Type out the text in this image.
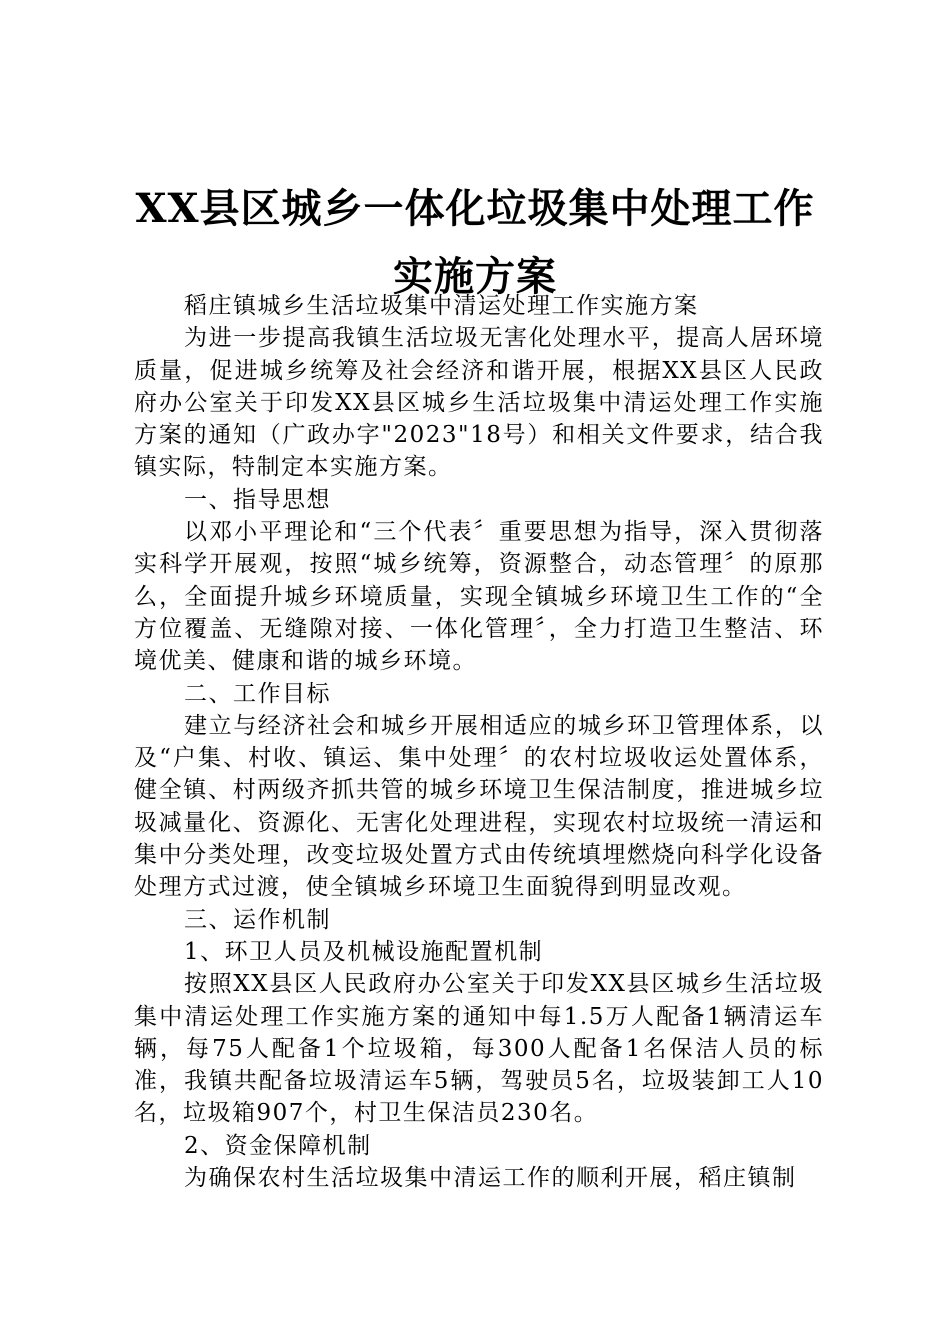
XX县区城乡一体化垃圾集中处理工作实施方案

稻庄镇城乡生活垃圾集中清运处理工作实施方案

为进一步提高我镇生活垃圾无害化处理水平，提高人居环境质量，促进城乡统筹及社会经济和谐开展，根据XX县区人民政府办公室关于印发XX县区城乡生活垃圾集中清运处理工作实施方案的通知（广政办字"2023"18号）和相关文件要求，结合我镇实际，特制定本实施方案。

一、指导思想

以邓小平理论和“三个代表〞重要思想为指导，深入贯彻落实科学开展观，按照“城乡统筹，资源整合，动态管理〞的原那么，全面提升城乡环境质量，实现全镇城乡环境卫生工作的“全方位覆盖、无缝隙对接、一体化管理〞，全力打造卫生整洁、环境优美、健康和谐的城乡环境。

二、工作目标

建立与经济社会和城乡开展相适应的城乡环卫管理体系，以及“户集、村收、镇运、集中处理〞的农村垃圾收运处置体系，健全镇、村两级齐抓共管的城乡环境卫生保洁制度，推进城乡垃圾减量化、资源化、无害化处理进程，实现农村垃圾统一清运和集中分类处理，改变垃圾处置方式由传统填埋燃烧向科学化设备处理方式过渡，使全镇城乡环境卫生面貌得到明显改观。

三、运作机制

1、环卫人员及机械设施配置机制

按照XX县区人民政府办公室关于印发XX县区城乡生活垃圾集中清运处理工作实施方案的通知中每1.5万人配备1辆清运车辆，每75人配备1个垃圾箱，每300人配备1名保洁人员的标准，我镇共配备垃圾清运车5辆，驾驶员5名，垃圾装卸工人10名，垃圾箱907个，村卫生保洁员230名。

2、资金保障机制

为确保农村生活垃圾集中清运工作的顺利开展，稻庄镇制
